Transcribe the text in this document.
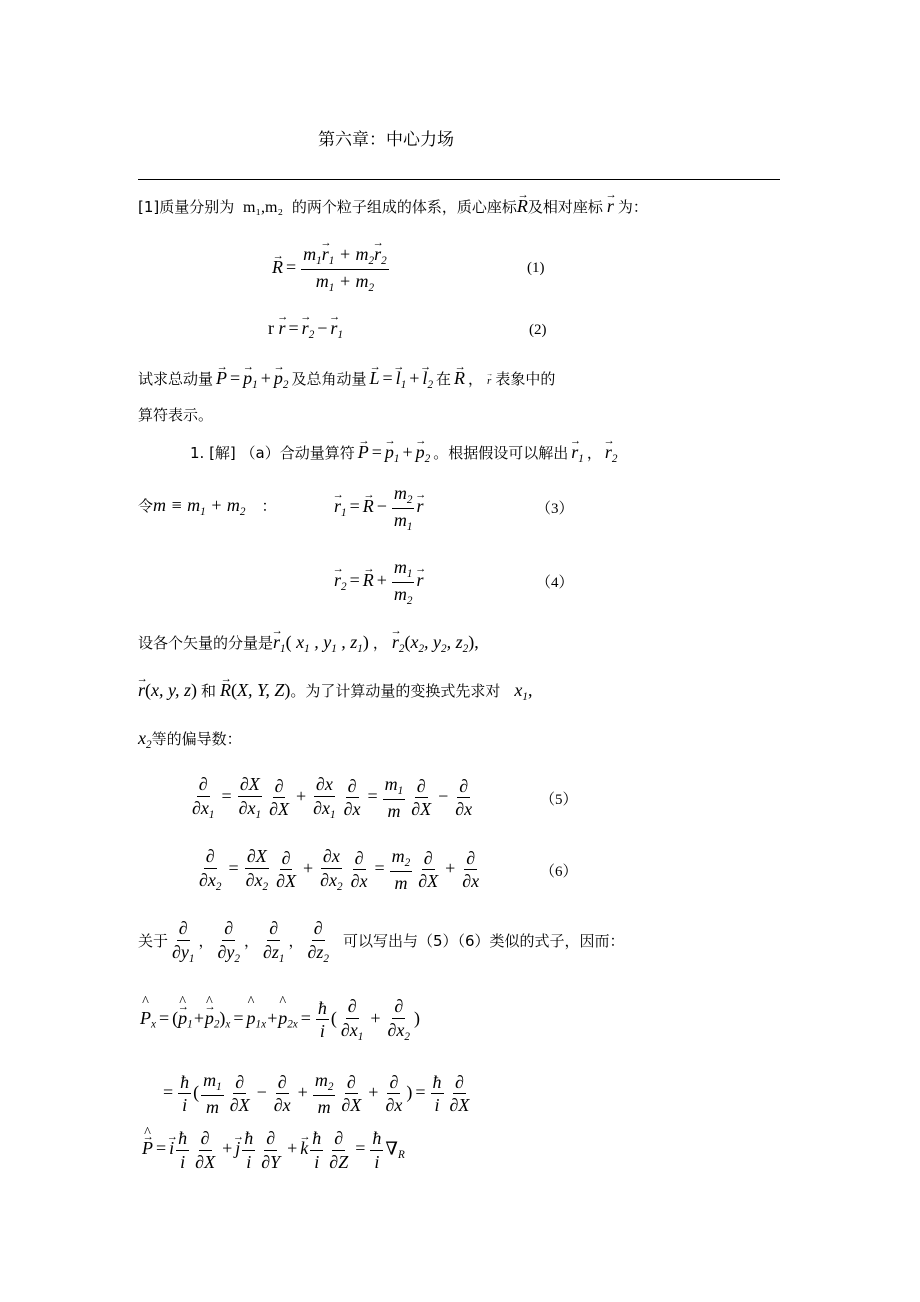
第六章：中心力场
[1]质量分别为 m₁,m₂ 的两个粒子组成的体系，质心座标→ R及相对座标→ r 为：
→ $R = \frac{m_1\to r_1 + m_2\to r_2}{m_1 + m_2}$	(1)
$r \to r =\to r_2 -\to r_1$	(2)
试求总动量→ $P =\to p_1 +\to p_2$ 及总角动量→ $L =\to l_1 +\to l_2$ 在→ R ，→ r 表象中的
算符表示。
1. [解] （a）合动量算符→ $P =\to p_1 +\to p_2$ 。根据假设可以解出→ $r_1$ ，→ $r_2$
令$m \equiv m_1 + m_2$ ：
→	$r_1 =\to R - \frac{m_2}{m_1}$
→ r	（3）
→ $r_2 =\to R + \frac{m_1}{m_2}$
→ r	（4）
设各个矢量的分量是→ $r_1$( $x_1$ , $y_1$ , $z_1$) ，→ $r_2(x_2$, $y_2$, $z_2$),
→ r(x, y, z) 和→ R(X, Y, Z)。为了计算动量的变换式先求对 $x_1$,
$x_2$等的偏导数：
$\frac{\partial}{\partial x_1} = \frac{\partial X}{\partial x_1} \frac{\partial}{\partial X} + \frac{\partial x}{\partial x_1} \frac{\partial}{\partial x} = \frac{m_1}{m} \frac{\partial}{\partial X} - \frac{\partial}{\partial x}$	（5）
$\frac{\partial}{\partial x_2} = \frac{\partial X}{\partial x_2} \frac{\partial}{\partial X} + \frac{\partial x}{\partial x_2} \frac{\partial}{\partial x} = \frac{m_2}{m} \frac{\partial}{\partial X} + \frac{\partial}{\partial x}$	（6）
关于 $\frac{\partial}{\partial y_1}$ ， $\frac{\partial}{\partial y_2}$ ， $\frac{\partial}{\partial z_1}$ ， $\frac{\partial}{\partial z_2}$ 可以写出与（5）（6）类似的式子，因而：
^ $P_x$ = (^ → $p_1+\^{} \to p_2)_x$ =^ $p_{1x}+\^{}$ $p_{2x} = \frac{ħ}{i}$ ( $\frac{\partial}{\partial x_1} + \frac{\partial}{\partial x_2}$ )
= $\frac{ħ}{i}$ ( $\frac{m_1}{m} \frac{\partial}{\partial X} - \frac{\partial}{\partial x} + \frac{m_2}{m} \frac{\partial}{\partial X} + \frac{\partial}{\partial x}$ ) = $\frac{ħ}{i} \frac{\partial}{\partial X}$
^ → P =→ i $\frac{ħ}{i} \frac{\partial}{\partial X} +\to j \frac{ħ}{i} \frac{\partial}{\partial Y} +\to k \frac{ħ}{i} \frac{\partial}{\partial Z} = \frac{ħ}{i} \nabla_R$
